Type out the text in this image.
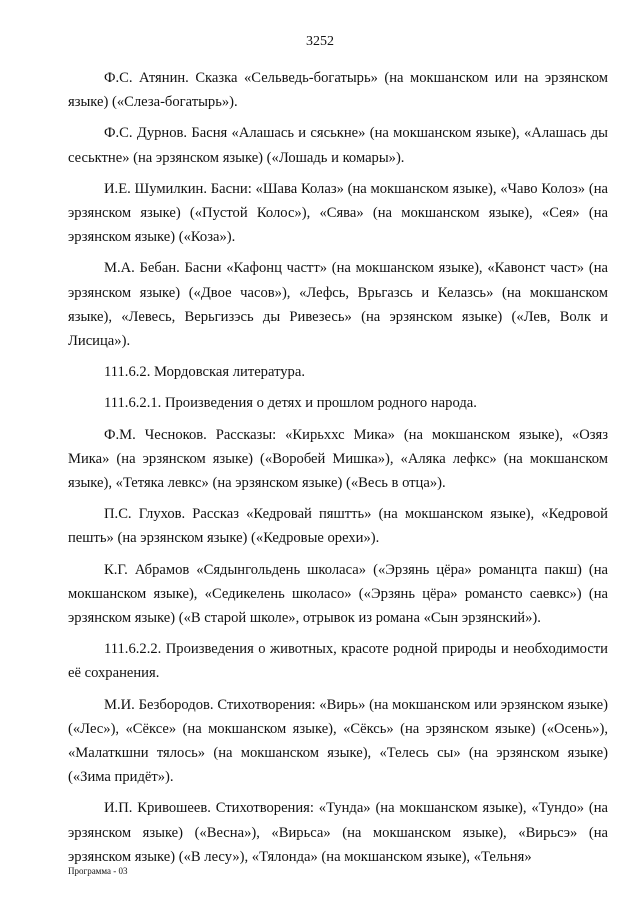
3252

Ф.С. Атянин. Сказка «Сельведь-богатырь» (на мокшанском или на эрзянском языке) («Слеза-богатырь»).

Ф.С. Дурнов. Басня «Алашась и сяськне» (на мокшанском языке), «Алашась ды сеськтне» (на эрзянском языке) («Лошадь и комары»).

И.Е. Шумилкин. Басни: «Шава Колаз» (на мокшанском языке), «Чаво Колоз» (на эрзянском языке) («Пустой Колос»), «Сява» (на мокшанском языке), «Сея» (на эрзянском языке) («Коза»).

М.А. Бебан. Басни «Кафонц частт» (на мокшанском языке), «Кавонст част» (на эрзянском языке) («Двое часов»), «Лефсь, Врьгазсь и Келазсь» (на мокшанском языке), «Левесь, Верьгизэсь ды Ривезесь» (на эрзянском языке) («Лев, Волк и Лисица»).

111.6.2. Мордовская литература.

111.6.2.1. Произведения о детях и прошлом родного народа.

Ф.М. Чесноков. Рассказы: «Кирьххс Мика» (на мокшанском языке), «Озяз Мика» (на эрзянском языке) («Воробей Мишка»), «Аляка лефкс» (на мокшанском языке), «Тетяка левкс» (на эрзянском языке) («Весь в отца»).

П.С. Глухов. Рассказ «Кедровай пяштть» (на мокшанском языке), «Кедровой пешть» (на эрзянском языке) («Кедровые орехи»).

К.Г. Абрамов «Сядынгольдень школаса» («Эрзянь цёра» романцта пакш) (на мокшанском языке), «Седикелень школасо» («Эрзянь цёра» романсто саевкс») (на эрзянском языке) («В старой школе», отрывок из романа «Сын эрзянский»).

111.6.2.2. Произведения о животных, красоте родной природы и необходимости её сохранения.

М.И. Безбородов. Стихотворения: «Вирь» (на мокшанском или эрзянском языке) («Лес»), «Сёксе» (на мокшанском языке), «Сёксь» (на эрзянском языке) («Осень»), «Малаткшни тялось» (на мокшанском языке), «Телесь сы» (на эрзянском языке) («Зима придёт»).

И.П. Кривошеев. Стихотворения: «Тунда» (на мокшанском языке), «Тундо» (на эрзянском языке) («Весна»), «Вирьса» (на мокшанском языке), «Вирьсэ» (на эрзянском языке) («В лесу»), «Тялонда» (на мокшанском языке), «Тельня»

Программа - 03
